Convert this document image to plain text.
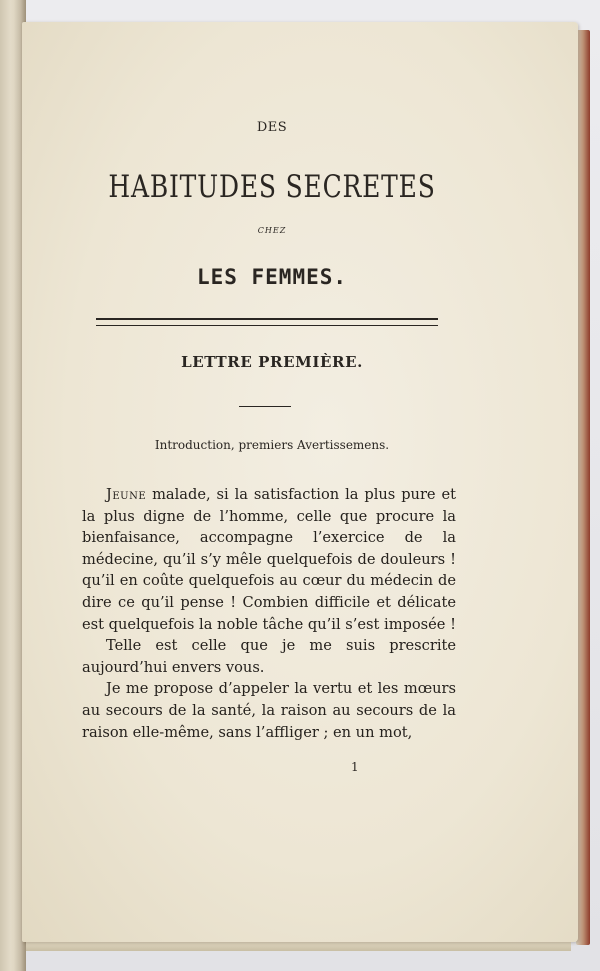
DES
HABITUDES SECRETES
CHEZ
LES FEMMES.
LETTRE PREMIÈRE.
Introduction, premiers Avertissemens.

Jeune malade, si la satisfaction la plus pure et la plus digne de l’homme, celle que procure la bienfaisance, accompagne l’exercice de la médecine, qu’il s’y mêle quelquefois de douleurs ! qu’il en coûte quelquefois au cœur du médecin de dire ce qu’il pense ! Combien difficile et délicate est quelquefois la noble tâche qu’il s’est imposée !

Telle est celle que je me suis prescrite aujourd’hui envers vous.

Je me propose d’appeler la vertu et les mœurs au secours de la santé, la raison au secours de la raison elle-même, sans l’affliger ; en un mot,

1
